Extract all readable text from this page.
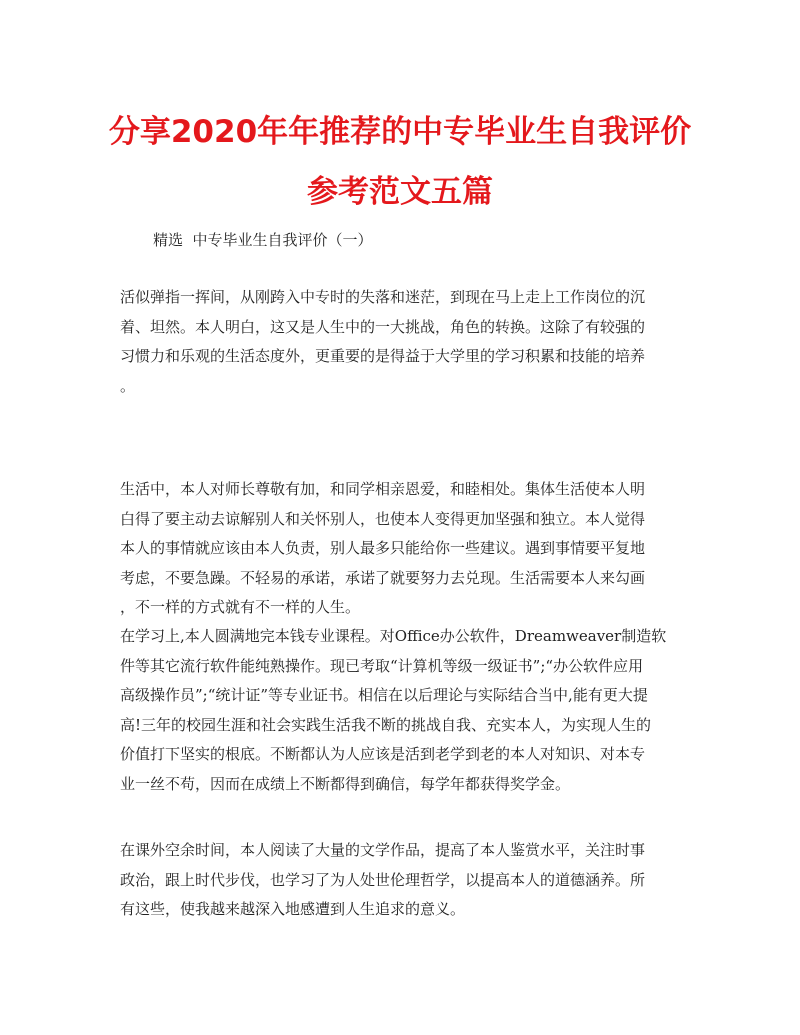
分享2020年年推荐的中专毕业生自我评价
参考范文五篇

精选  中专毕业生自我评价（一）

活似弹指一挥间，从刚跨入中专时的失落和迷茫，到现在马上走上工作岗位的沉
着、坦然。本人明白，这又是人生中的一大挑战，角色的转换。这除了有较强的
习惯力和乐观的生活态度外，更重要的是得益于大学里的学习积累和技能的培养
。

生活中，本人对师长尊敬有加，和同学相亲恩爱，和睦相处。集体生活使本人明
白得了要主动去谅解别人和关怀别人，也使本人变得更加坚强和独立。本人觉得
本人的事情就应该由本人负责，别人最多只能给你一些建议。遇到事情要平复地
考虑，不要急躁。不轻易的承诺，承诺了就要努力去兑现。生活需要本人来勾画
，不一样的方式就有不一样的人生。

在学习上,本人圆满地完本钱专业课程。对Office办公软件，Dreamweaver制造软
件等其它流行软件能纯熟操作。现已考取“计算机等级一级证书”;“办公软件应用
高级操作员”;“统计证”等专业证书。相信在以后理论与实际结合当中,能有更大提
高!三年的校园生涯和社会实践生活我不断的挑战自我、充实本人，为实现人生的
价值打下坚实的根底。不断都认为人应该是活到老学到老的本人对知识、对本专
业一丝不苟，因而在成绩上不断都得到确信，每学年都获得奖学金。

在课外空余时间，本人阅读了大量的文学作品，提高了本人鉴赏水平，关注时事
政治，跟上时代步伐，也学习了为人处世伦理哲学，以提高本人的道德涵养。所
有这些，使我越来越深入地感遭到人生追求的意义。
